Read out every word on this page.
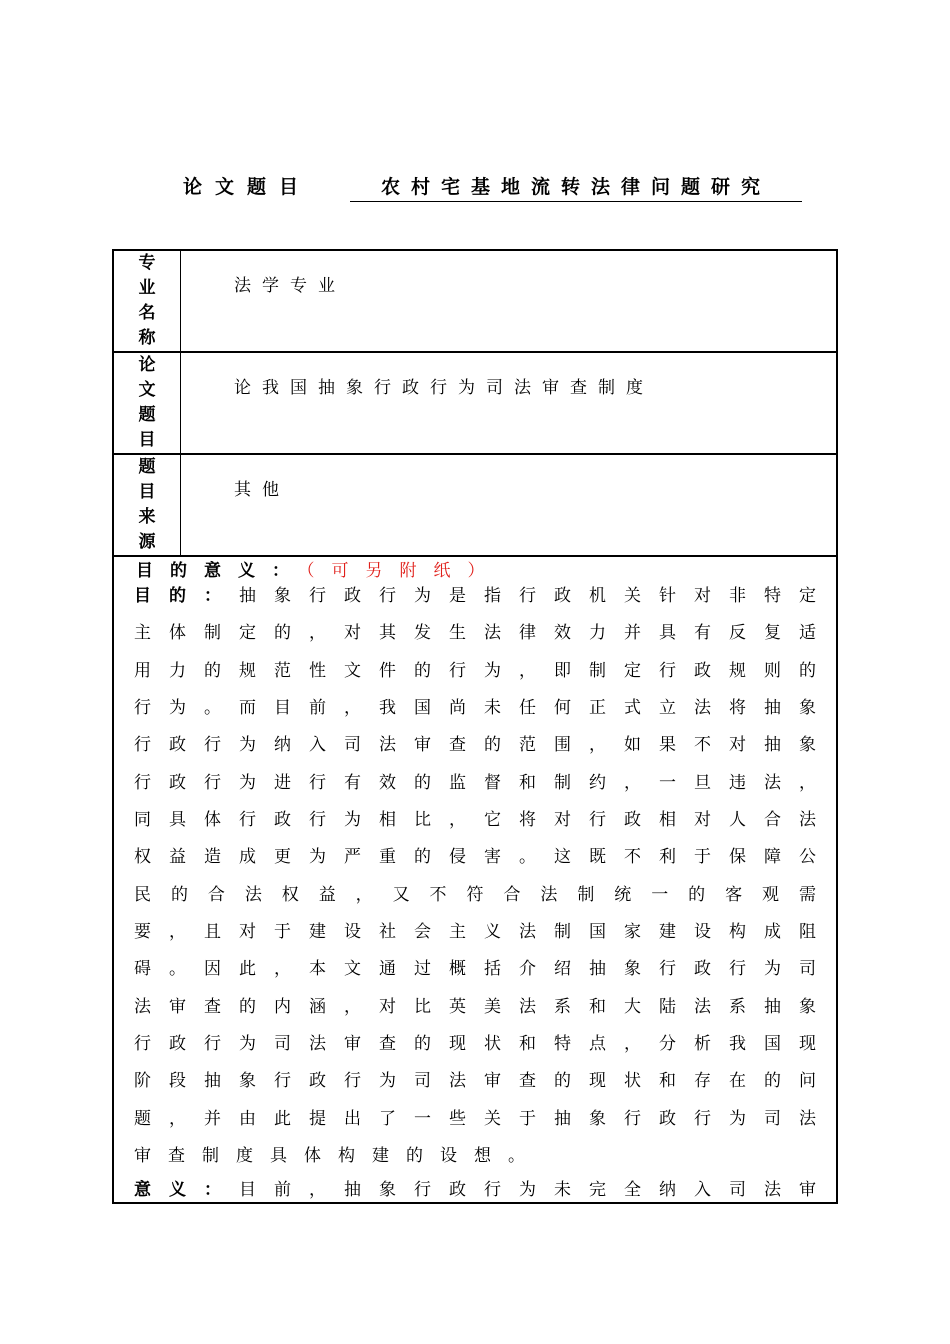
论文题目	农村宅基地流转法律问题研究
专业名称
法学专业
论文题目
论我国抽象行政行为司法审查制度
题目来源
其他
目的意义：（可另附纸）
目的：抽象行政行为是指行政机关针对非特定
主体制定的，对其发生法律效力并具有反复适
用力的规范性文件的行为，即制定行政规则的
行为。而目前，我国尚未任何正式立法将抽象
行政行为纳入司法审查的范围，如果不对抽象
行政行为进行有效的监督和制约，一旦违法，
同具体行政行为相比，它将对行政相对人合法
权益造成更为严重的侵害。这既不利于保障公
民的合法权益，又不符合法制统一的客观需
要，且对于建设社会主义法制国家建设构成阻
碍。因此，本文通过概括介绍抽象行政行为司
法审查的内涵，对比英美法系和大陆法系抽象
行政行为司法审查的现状和特点，分析我国现
阶段抽象行政行为司法审查的现状和存在的问
题，并由此提出了一些关于抽象行政行为司法
审查制度具体构建的设想。
意义：目前，抽象行政行为未完全纳入司法审
